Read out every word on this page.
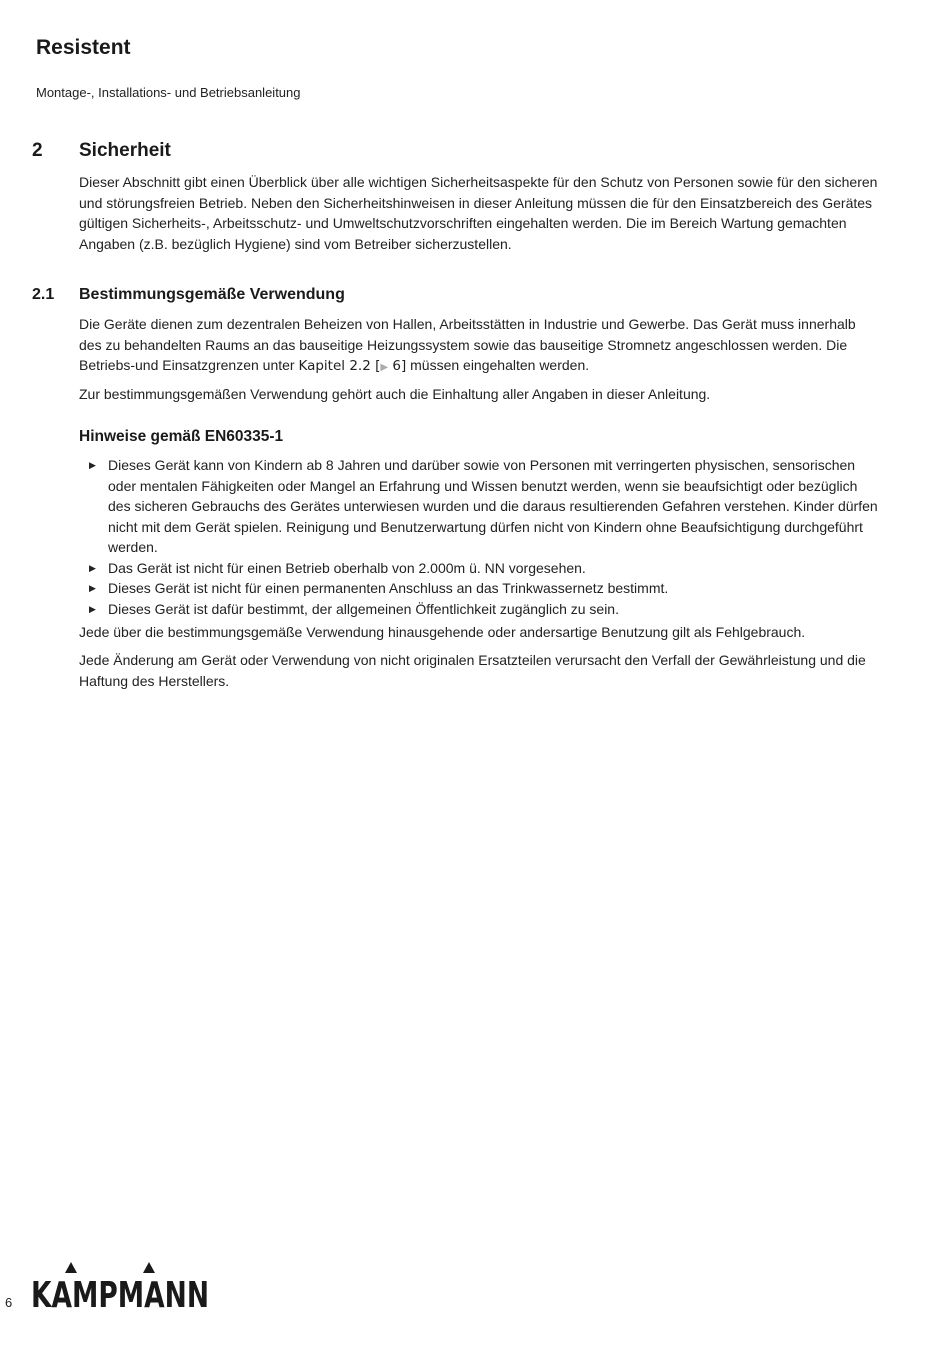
Resistent
Montage-, Installations- und Betriebsanleitung
2	Sicherheit

Dieser Abschnitt gibt einen Überblick über alle wichtigen Sicherheitsaspekte für den Schutz von Personen sowie für den sicheren und störungsfreien Betrieb. Neben den Sicherheitshinweisen in dieser Anleitung müssen die für den Einsatzbereich des Gerätes gültigen Sicherheits-, Arbeitsschutz- und Umweltschutzvorschriften eingehalten werden. Die im Bereich Wartung gemachten Angaben (z.B. bezüglich Hygiene) sind vom Betreiber sicherzustellen.

2.1	Bestimmungsgemäße Verwendung

Die Geräte dienen zum dezentralen Beheizen von Hallen, Arbeitsstätten in Industrie und Gewerbe. Das Gerät muss innerhalb des zu behandelten Raums an das bauseitige Heizungssystem sowie das bauseitige Stromnetz angeschlossen werden. Die Betriebs-und Einsatzgrenzen unter Kapitel 2.2 [▶ 6] müssen eingehalten werden.

Zur bestimmungsgemäßen Verwendung gehört auch die Einhaltung aller Angaben in dieser Anleitung.

Hinweise gemäß EN60335-1
▶ Dieses Gerät kann von Kindern ab 8 Jahren und darüber sowie von Personen mit verringerten physischen, sensorischen oder mentalen Fähigkeiten oder Mangel an Erfahrung und Wissen benutzt werden, wenn sie beaufsichtigt oder bezüglich des sicheren Gebrauchs des Gerätes unterwiesen wurden und die daraus resultierenden Gefahren verstehen. Kinder dürfen nicht mit dem Gerät spielen. Reinigung und Benutzerwartung dürfen nicht von Kindern ohne Beaufsichtigung durchgeführt werden.
▶ Das Gerät ist nicht für einen Betrieb oberhalb von 2.000m ü. NN vorgesehen.
▶ Dieses Gerät ist nicht für einen permanenten Anschluss an das Trinkwassernetz bestimmt.
▶ Dieses Gerät ist dafür bestimmt, der allgemeinen Öffentlichkeit zugänglich zu sein.

Jede über die bestimmungsgemäße Verwendung hinausgehende oder andersartige Benutzung gilt als Fehlgebrauch.

Jede Änderung am Gerät oder Verwendung von nicht originalen Ersatzteilen verursacht den Verfall der Gewährleistung und die Haftung des Herstellers.

6 KAMPMANN
